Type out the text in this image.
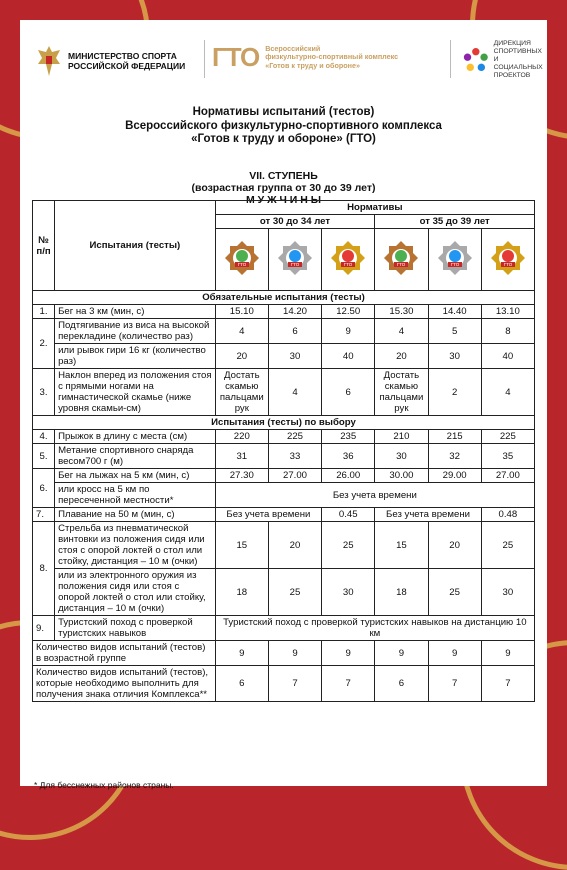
МИНИСТЕРСТВО СПОРТА
РОССИЙСКОЙ ФЕДЕРАЦИИ ГТО Всероссийский
физкультурно-спортивный комплекс
«Готов к труду и обороне»
ДИРЕКЦИЯ
СПОРТИВНЫХ
И СОЦИАЛЬНЫХ
ПРОЕКТОВ
Нормативы испытаний (тестов)
Всероссийского физкультурно-спортивного комплекса
«Готов к труду и обороне» (ГТО)
VII. СТУПЕНЬ
(возрастная группа от 30 до 39 лет)
М У Ж Ч И Н Ы
№ п/п	Испытания (тесты)	Нормативы					
		от 30 до 34 лет			от 35 до 39 лет		

ГТО	ГТО	ГТО	ГТО	ГТО	ГТО

Обязательные испытания (тесты)							
1.	Бег на 3 км (мин, с)	15.10	14.20	12.50	15.30	14.40	13.10
2.	Подтягивание из виса на высокой перекладине (количество раз)	4	6	9	4	5	8
	или рывок гири 16 кг (количество раз)	20	30	40	20	30	40
3.	Наклон вперед из положения стоя с прямыми ногами на гимнастической скамье (ниже уровня скамьи-см)	Достать скамью пальцами рук	4	6	Достать скамью пальцами рук	2	4
Испытания (тесты) по выбору							
4.	Прыжок в длину с места (см)	220	225	235	210	215	225
5.	Метание спортивного снаряда весом700 г (м)	31	33	36	30	32	35
6.	Бег на лыжах на 5 км (мин, с)	27.30	27.00	26.00	30.00	29.00	27.00
	или кросс на 5 км по пересеченной местности*	Без учета времени					
7.	Плавание на 50 м (мин, с)	Без учета времени		0.45	Без учета времени		0.48
8.	Стрельба из пневматической винтовки из положения сидя или стоя с опорой локтей о стол или стойку, дистанция – 10 м (очки)	15	20	25	15	20	25
	или из электронного оружия из положения сидя или стоя с опорой локтей о стол или стойку, дистанция – 10 м (очки)	18	25	30	18	25	30
9.	Туристский поход с проверкой туристских навыков	Туристский поход с проверкой туристских навыков на дистанцию 10 км					
Количество видов испытаний (тестов) в возрастной группе		9	9	9	9	9	9
Количество видов испытаний (тестов), которые необходимо выполнить для получения знака отличия Комплекса**		6	7	7	6	7	7
* Для бесснежных районов страны.
